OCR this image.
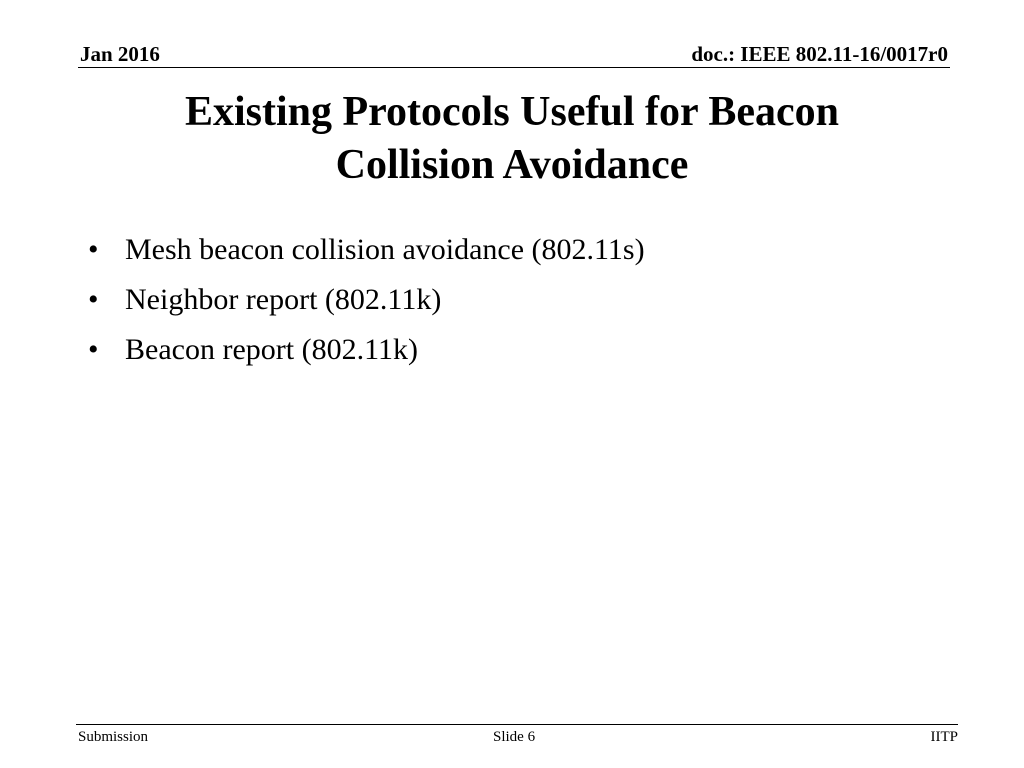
Jan 2016	doc.: IEEE 802.11-16/0017r0
Existing Protocols Useful for Beacon
Collision Avoidance
• Mesh beacon collision avoidance (802.11s)
• Neighbor report (802.11k)
• Beacon report (802.11k)
Submission	Slide 6	IITP
